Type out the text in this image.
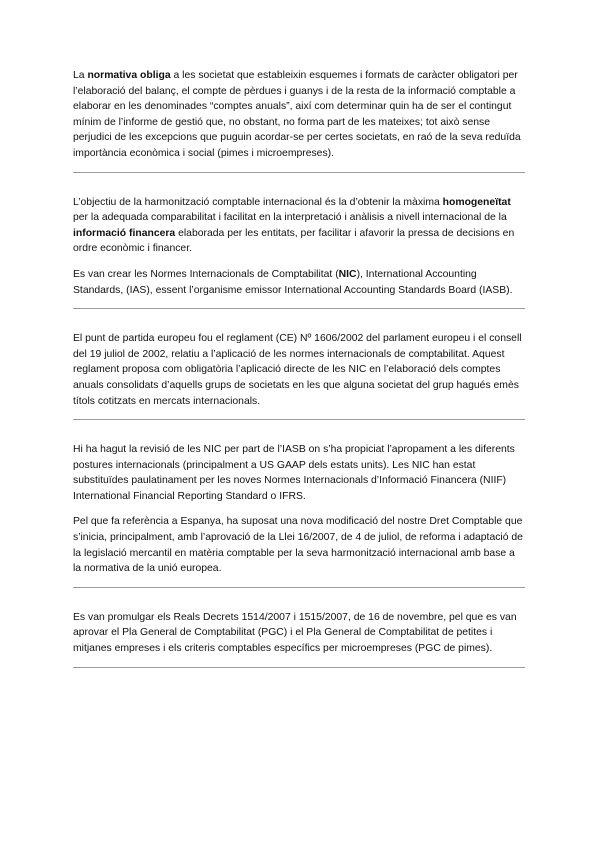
La normativa obliga a les societat que estableixin esquemes i formats de caràcter obligatori per l’elaboració del balanç, el compte de pèrdues i guanys i de la resta de la informació comptable a elaborar en les denominades “comptes anuals”, així com determinar quin ha de ser el contingut mínim de l’informe de gestió que, no obstant, no forma part de les mateixes; tot això sense perjudici de les excepcions que puguin acordar-se per certes societats, en raó de la seva reduïda importància econòmica i social (pimes i microempreses).

L’objectiu de la harmonització comptable internacional és la d’obtenir la màxima homogeneïtat per la adequada comparabilitat i facilitat en la interpretació i anàlisis a nivell internacional de la informació financera elaborada per les entitats, per facilitar i afavorir la pressa de decisions en ordre econòmic i financer.

Es van crear les Normes Internacionals de Comptabilitat (NIC), International Accounting Standards, (IAS), essent l’organisme emissor International Accounting Standards Board (IASB).

El punt de partida europeu fou el reglament (CE) Nº 1606/2002 del parlament europeu i el consell del 19 juliol de 2002, relatiu a l’aplicació de les normes internacionals de comptabilitat. Aquest reglament proposa com obligatòria l’aplicació directe de les NIC en l’elaboració dels comptes anuals consolidats d’aquells grups de societats en les que alguna societat del grup hagués emès títols cotitzats en mercats internacionals.

Hi ha hagut la revisió de les NIC per part de l’IASB on s’ha propiciat l’apropament a les diferents postures internacionals (principalment a US GAAP dels estats units). Les NIC han estat substituïdes paulatinament per les noves Normes Internacionals d’Informació Financera (NIIF) International Financial Reporting Standard o IFRS.

Pel que fa referència a Espanya, ha suposat una nova modificació del nostre Dret Comptable que s’inicia, principalment, amb l’aprovació de la Llei 16/2007, de 4 de juliol, de reforma i adaptació de la legislació mercantil en matèria comptable per la seva harmonització internacional amb base a la normativa de la unió europea.

Es van promulgar els Reals Decrets 1514/2007 i 1515/2007, de 16 de novembre, pel que es van aprovar el Pla General de Comptabilitat (PGC) i el Pla General de Comptabilitat de petites i mitjanes empreses i els criteris comptables específics per microempreses (PGC de pimes).
